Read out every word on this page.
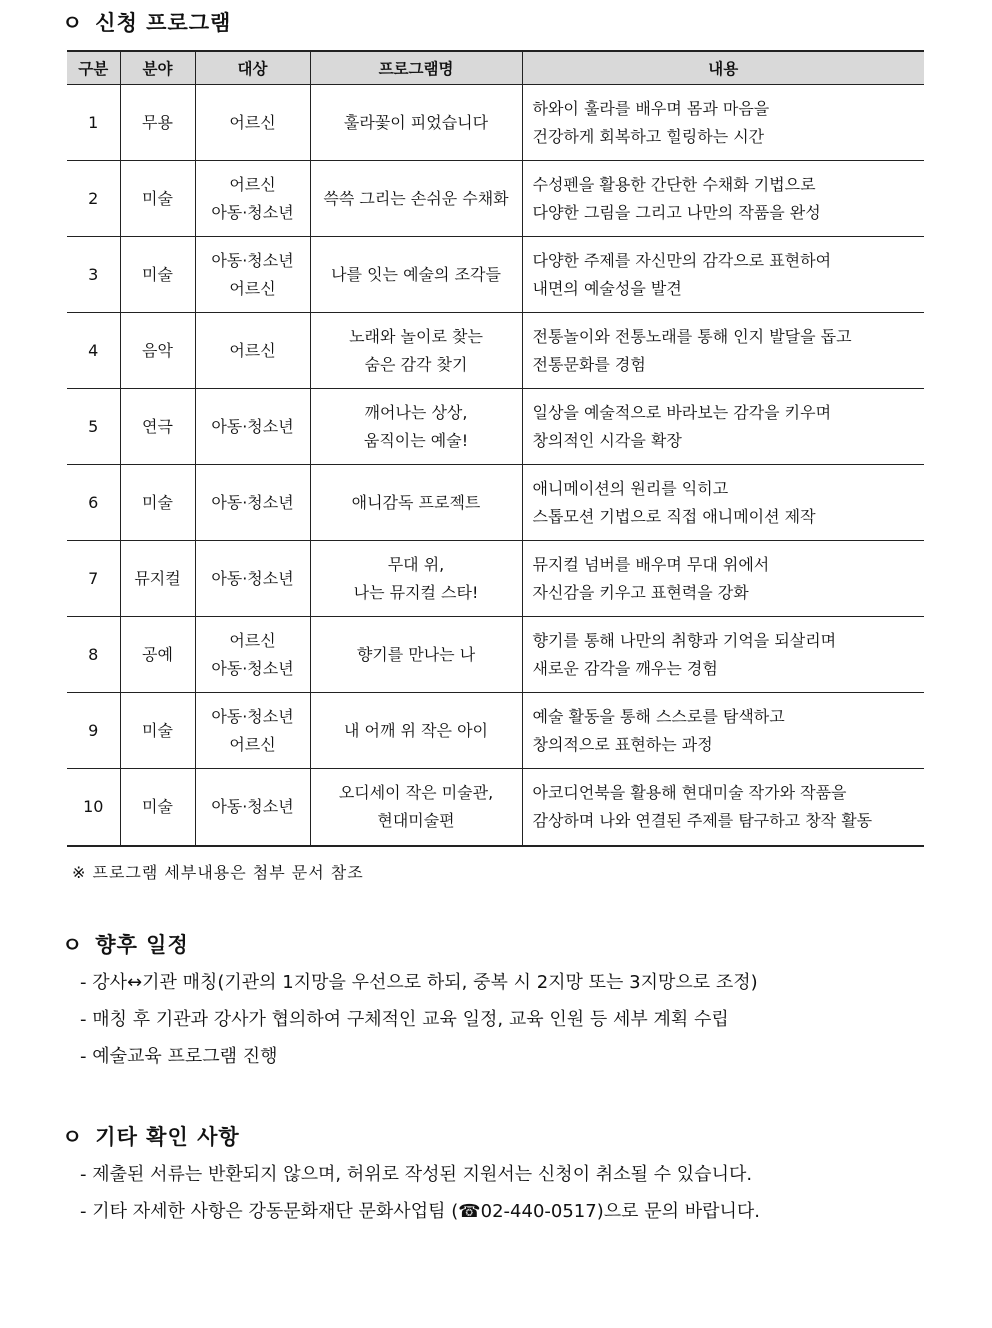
ㅇ 신청 프로그램
구분	분야	대상	프로그램명	내용
1	무용	어르신	훌라꽃이 피었습니다	하와이 훌라를 배우며 몸과 마음을
건강하게 회복하고 힐링하는 시간

2	미술	어르신
아동·청소년	쓱쓱 그리는 손쉬운 수채화	수성펜을 활용한 간단한 수채화 기법으로
다양한 그림을 그리고 나만의 작품을 완성

3	미술	아동·청소년
어르신	나를 잇는 예술의 조각들	다양한 주제를 자신만의 감각으로 표현하여
내면의 예술성을 발견

4	음악	어르신	노래와 놀이로 찾는
숨은 감각 찾기	전통놀이와 전통노래를 통해 인지 발달을 돕고
전통문화를 경험

5	연극	아동·청소년	깨어나는 상상,
움직이는 예술!	일상을 예술적으로 바라보는 감각을 키우며
창의적인 시각을 확장

6	미술	아동·청소년	애니감독 프로젝트	애니메이션의 원리를 익히고
스톱모션 기법으로 직접 애니메이션 제작

7	뮤지컬	아동·청소년	무대 위,
나는 뮤지컬 스타!	뮤지컬 넘버를 배우며 무대 위에서
자신감을 키우고 표현력을 강화

8	공예	어르신
아동·청소년	향기를 만나는 나	향기를 통해 나만의 취향과 기억을 되살리며
새로운 감각을 깨우는 경험

9	미술	아동·청소년
어르신	내 어깨 위 작은 아이	예술 활동을 통해 스스로를 탐색하고
창의적으로 표현하는 과정

10	미술	아동·청소년	오디세이 작은 미술관,
현대미술편	아코디언북을 활용해 현대미술 작가와 작품을
감상하며 나와 연결된 주제를 탐구하고 창작 활동
※ 프로그램 세부내용은 첨부 문서 참조
ㅇ 향후 일정
- 강사↔기관 매칭(기관의 1지망을 우선으로 하되, 중복 시 2지망 또는 3지망으로 조정)
- 매칭 후 기관과 강사가 협의하여 구체적인 교육 일정, 교육 인원 등 세부 계획 수립
- 예술교육 프로그램 진행
ㅇ 기타 확인 사항
- 제출된 서류는 반환되지 않으며, 허위로 작성된 지원서는 신청이 취소될 수 있습니다.
- 기타 자세한 사항은 강동문화재단 문화사업팀 (☎02-440-0517)으로 문의 바랍니다.
